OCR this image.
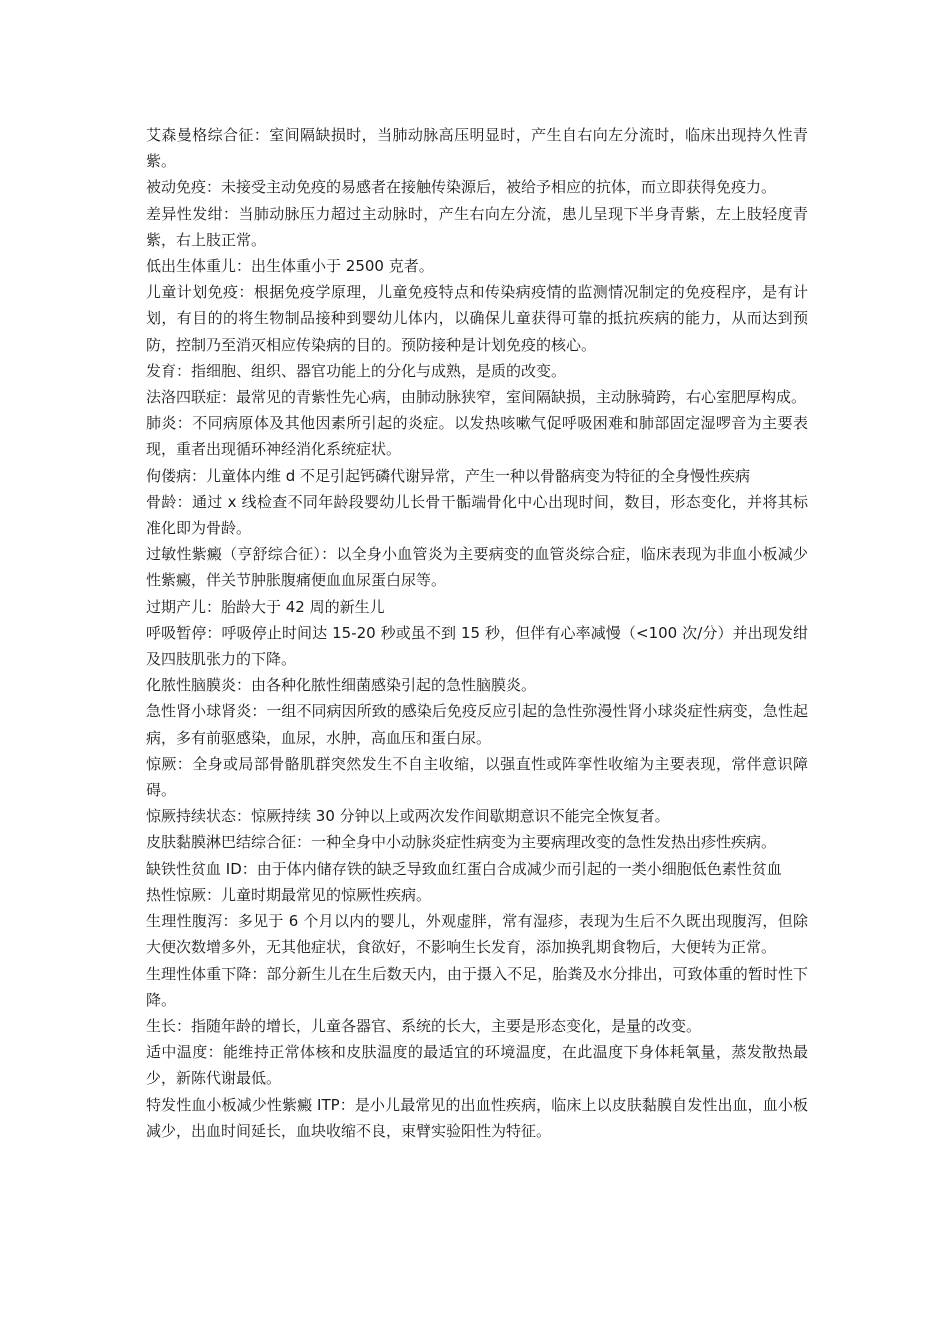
艾森曼格综合征：室间隔缺损时，当肺动脉高压明显时，产生自右向左分流时，临床出现持久性青紫。

被动免疫：未接受主动免疫的易感者在接触传染源后，被给予相应的抗体，而立即获得免疫力。

差异性发绀：当肺动脉压力超过主动脉时，产生右向左分流，患儿呈现下半身青紫，左上肢轻度青紫，右上肢正常。

低出生体重儿：出生体重小于 2500 克者。

儿童计划免疫：根据免疫学原理，儿童免疫特点和传染病疫情的监测情况制定的免疫程序，是有计划，有目的的将生物制品接种到婴幼儿体内，以确保儿童获得可靠的抵抗疾病的能力，从而达到预防，控制乃至消灭相应传染病的目的。预防接种是计划免疫的核心。

发育：指细胞、组织、器官功能上的分化与成熟，是质的改变。

法洛四联症：最常见的青紫性先心病，由肺动脉狭窄，室间隔缺损，主动脉骑跨，右心室肥厚构成。

肺炎：不同病原体及其他因素所引起的炎症。以发热咳嗽气促呼吸困难和肺部固定湿啰音为主要表现，重者出现循环神经消化系统症状。

佝偻病：儿童体内维 d 不足引起钙磷代谢异常，产生一种以骨骼病变为特征的全身慢性疾病

骨龄：通过 x 线检查不同年龄段婴幼儿长骨干骺端骨化中心出现时间，数目，形态变化，并将其标准化即为骨龄。

过敏性紫癜（亨舒综合征）：以全身小血管炎为主要病变的血管炎综合症，临床表现为非血小板减少性紫癜，伴关节肿胀腹痛便血血尿蛋白尿等。

过期产儿：胎龄大于 42 周的新生儿

呼吸暂停：呼吸停止时间达 15-20 秒或虽不到 15 秒，但伴有心率减慢（<100 次/分）并出现发绀及四肢肌张力的下降。

化脓性脑膜炎：由各种化脓性细菌感染引起的急性脑膜炎。

急性肾小球肾炎：一组不同病因所致的感染后免疫反应引起的急性弥漫性肾小球炎症性病变，急性起病，多有前驱感染，血尿，水肿，高血压和蛋白尿。

惊厥：全身或局部骨骼肌群突然发生不自主收缩，以强直性或阵挛性收缩为主要表现，常伴意识障碍。

惊厥持续状态：惊厥持续 30 分钟以上或两次发作间歇期意识不能完全恢复者。

皮肤黏膜淋巴结综合征：一种全身中小动脉炎症性病变为主要病理改变的急性发热出疹性疾病。

缺铁性贫血 ID：由于体内储存铁的缺乏导致血红蛋白合成减少而引起的一类小细胞低色素性贫血

热性惊厥：儿童时期最常见的惊厥性疾病。

生理性腹泻：多见于 6 个月以内的婴儿，外观虚胖，常有湿疹，表现为生后不久既出现腹泻，但除大便次数增多外，无其他症状，食欲好，不影响生长发育，添加换乳期食物后，大便转为正常。

生理性体重下降：部分新生儿在生后数天内，由于摄入不足，胎粪及水分排出，可致体重的暂时性下降。

生长：指随年龄的增长，儿童各器官、系统的长大，主要是形态变化，是量的改变。

适中温度：能维持正常体核和皮肤温度的最适宜的环境温度，在此温度下身体耗氧量，蒸发散热最少，新陈代谢最低。

特发性血小板减少性紫癜 ITP：是小儿最常见的出血性疾病，临床上以皮肤黏膜自发性出血，血小板减少，出血时间延长，血块收缩不良，束臂实验阳性为特征。
